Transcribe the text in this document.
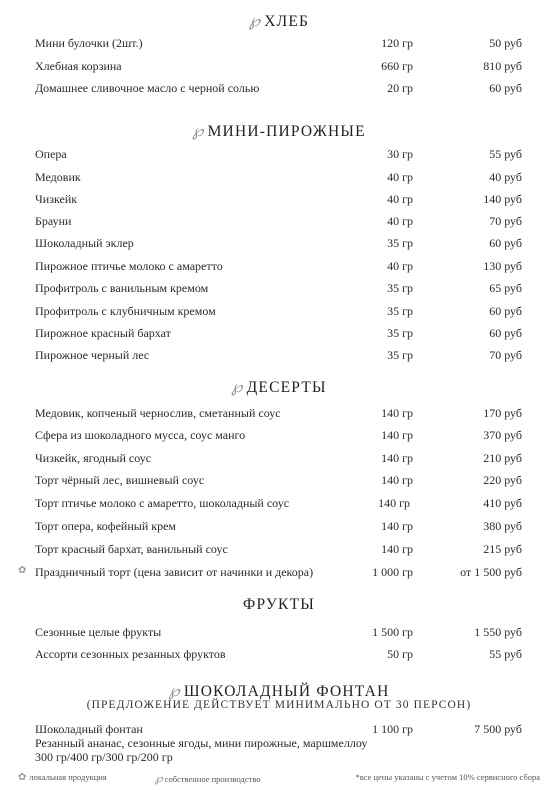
℘ ХЛЕБ
Мини булочки (2шт.)	120 гр	50 руб
Хлебная корзина	660 гр	810 руб
Домашнее сливочное масло с черной солью	20 гр	60 руб
℘ МИНИ-ПИРОЖНЫЕ
Опера	30 гр	55 руб
Медовик	40 гр	40 руб
Чизкейк	40 гр	140 руб
Брауни	40 гр	70 руб
Шоколадный эклер	35 гр	60 руб
Пирожное птичье молоко с амаретто	40 гр	130 руб
Профитроль с ванильным кремом	35 гр	65 руб
Профитроль с клубничным кремом	35 гр	60 руб
Пирожное красный бархат	35 гр	60 руб
Пирожное черный лес	35 гр	70 руб
℘ ДЕСЕРТЫ
Медовик, копченый чернослив, сметанный соус	140 гр	170 руб
Сфера из шоколадного мусса, соус манго	140 гр	370 руб
Чизкейк, ягодный соус	140 гр	210 руб
Торт чёрный лес, вишневый соус	140 гр	220 руб
Торт птичье молоко с амаретто, шоколадный соус	140 гр	410 руб
Торт опера, кофейный крем	140 гр	380 руб
Торт красный бархат, ванильный соус	140 гр	215 руб
✿ Праздничный торт (цена зависит от начинки и декора)	1 000 гр	от 1 500 руб
ФРУКТЫ
Сезонные целые фрукты	1 500 гр	1 550 руб
Ассорти сезонных резанных фруктов	50 гр	55 руб
℘ ШОКОЛАДНЫЙ ФОНТАН
(ПРЕДЛОЖЕНИЕ ДЕЙСТВУЕТ МИНИМАЛЬНО ОТ 30 ПЕРСОН)
Шоколадный фонтан	1 100 гр	7 500 руб
Резанный ананас, сезонные ягоды, мини пирожные, маршмеллоу
300 гр/400 гр/300 гр/200 гр
✿ локальная продукция	℘ собственное производство	*все цены указаны с учетом 10% сервисного сбора
